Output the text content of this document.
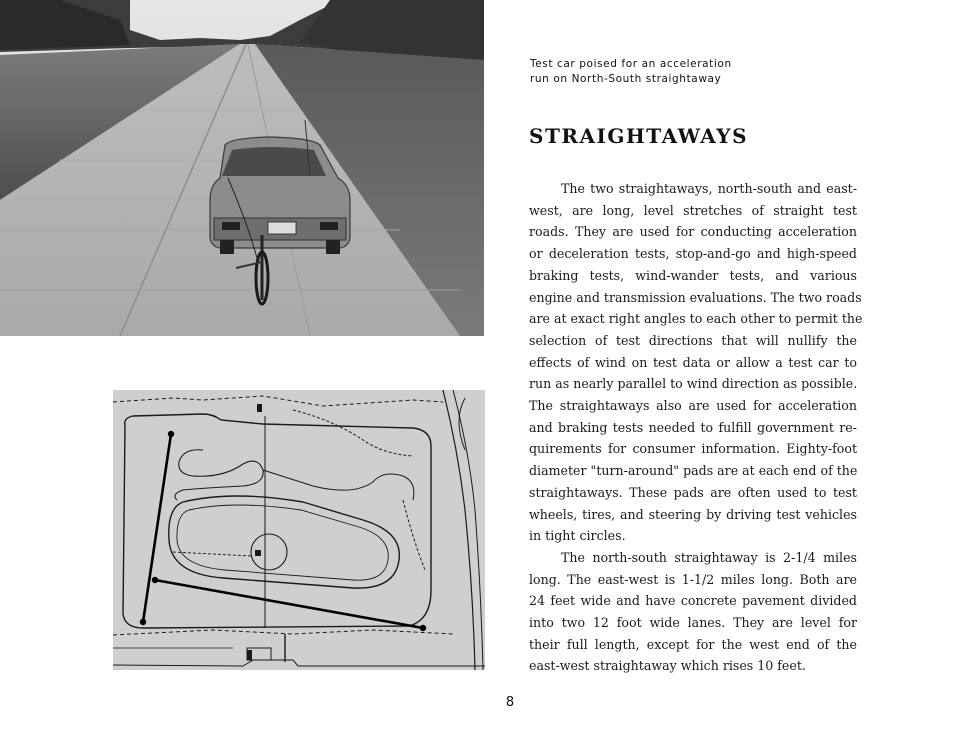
Test car poised for an acceleration
run on North-South straightaway
STRAIGHTAWAYS
The two straightaways, north-south and east-
west, are long, level stretches of straight test
roads. They are used for conducting acceleration
or deceleration tests, stop-and-go and high-speed
braking tests, wind-wander tests, and various
engine and transmission evaluations. The two roads
are at exact right angles to each other to permit the
selection of test directions that will nullify the
effects of wind on test data or allow a test car to
run as nearly parallel to wind direction as possible.
The straightaways also are used for acceleration
and braking tests needed to fulfill government re-
quirements for consumer information. Eighty-foot
diameter "turn-around" pads are at each end of the
straightaways. These pads are often used to test
wheels, tires, and steering by driving test vehicles
in tight circles.
The north-south straightaway is 2-1/4 miles
long. The east-west is 1-1/2 miles long. Both are
24 feet wide and have concrete pavement divided
into two 12 foot wide lanes. They are level for
their full length, except for the west end of the
east-west straightaway which rises 10 feet.
8
